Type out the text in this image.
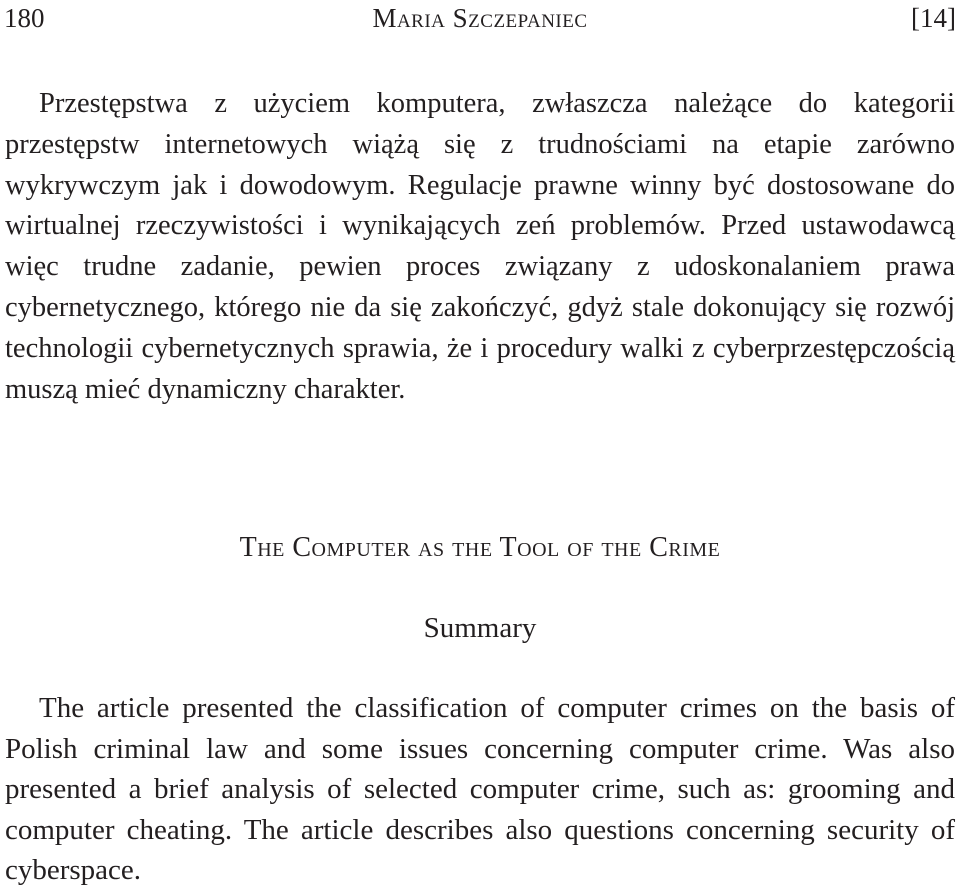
180	Maria Szczepaniec	[14]

Przestępstwa z użyciem komputera, zwłaszcza należące do kategorii przestępstw internetowych wiążą się z trudnościami na etapie zarówno wykrywczym jak i dowodowym. Regulacje prawne winny być dostosowane do wirtualnej rzeczywistości i wynikających zeń problemów. Przed ustawodawcą więc trudne zadanie, pewien proces związany z udoskonalaniem prawa cybernetycznego, którego nie da się zakończyć, gdyż stale dokonujący się rozwój technologii cybernetycznych sprawia, że i procedury walki z cyberprzestępczością muszą mieć dynamiczny charakter.

The Computer as the Tool of the Crime
Summary

The article presented the classification of computer crimes on the basis of Polish criminal law and some issues concerning computer crime. Was also presented a brief analysis of selected computer crime, such as: grooming and computer cheating. The article describes also questions concerning security of cyberspace.
